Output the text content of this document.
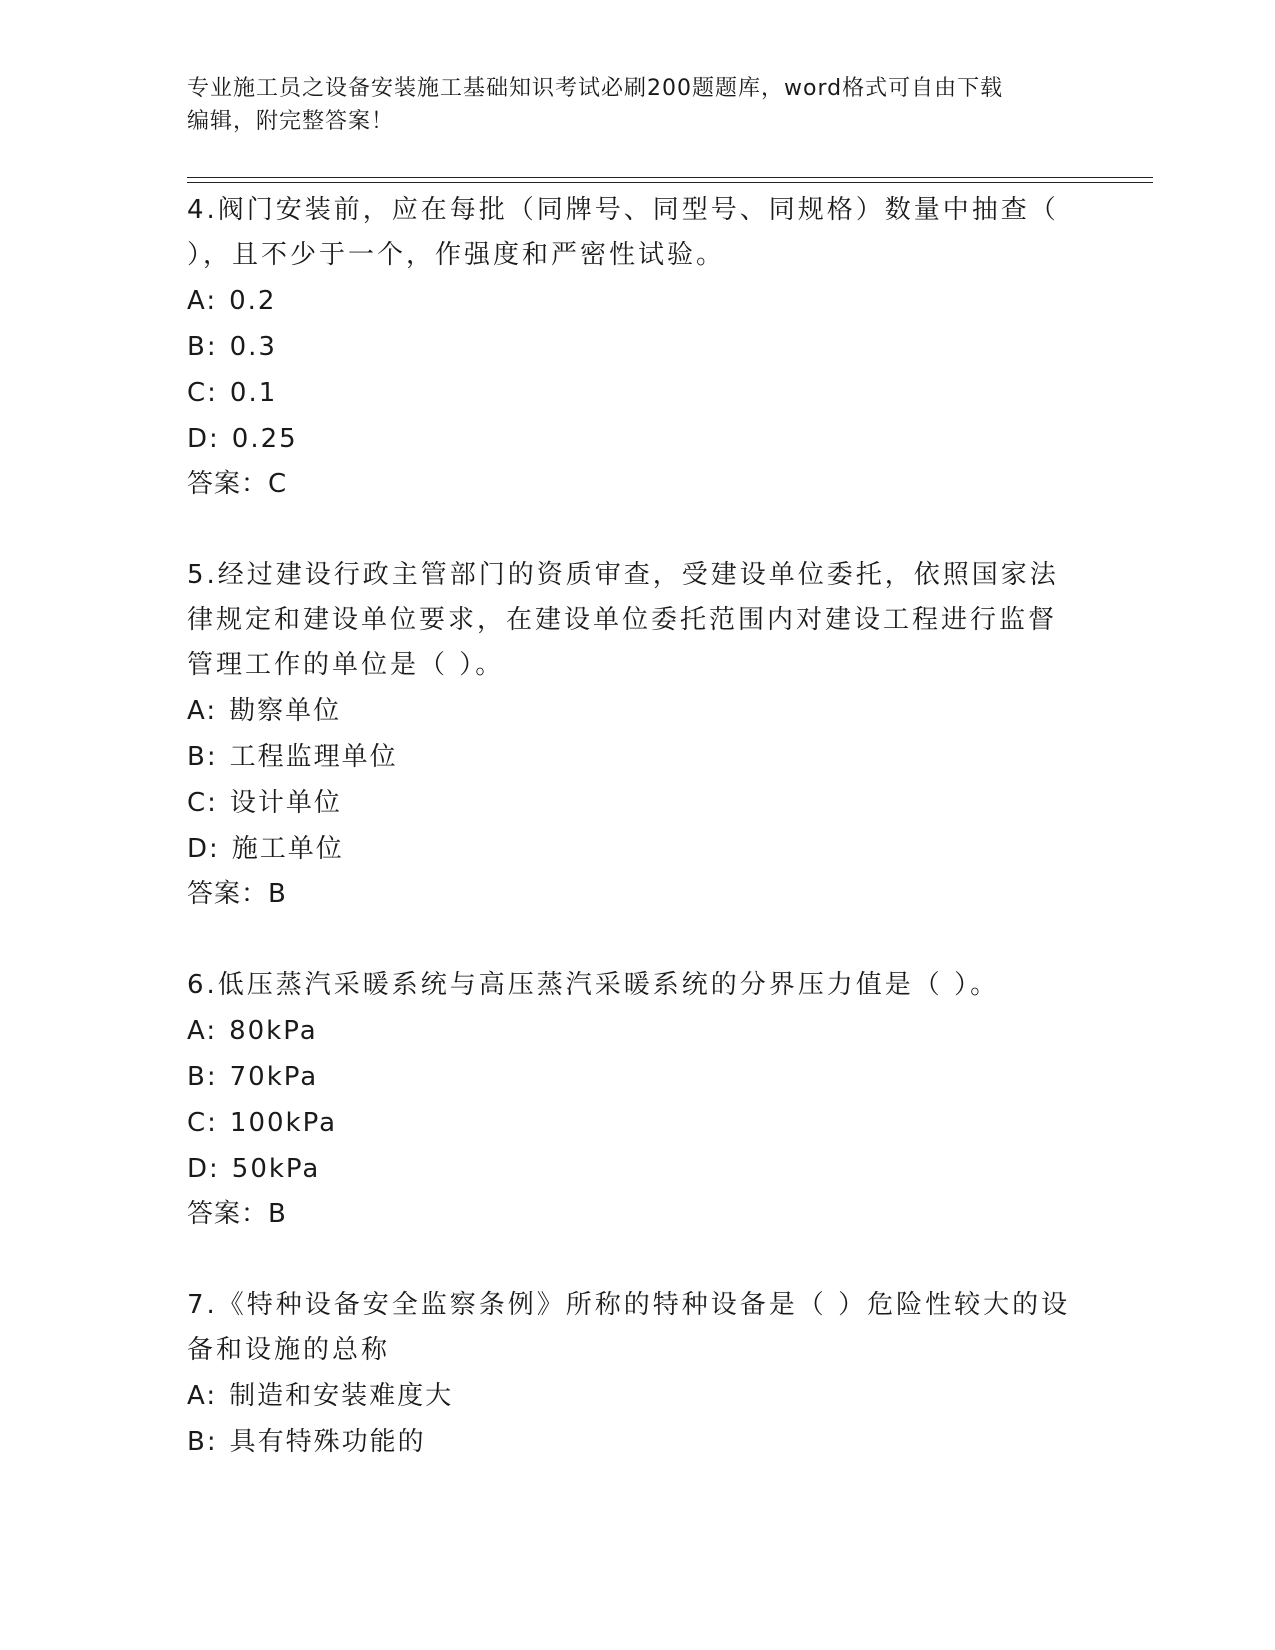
专业施工员之设备安装施工基础知识考试必刷200题题库，word格式可自由下载
编辑，附完整答案！
4.阀门安装前，应在每批（同牌号、同型号、同规格）数量中抽查（
），且不少于一个，作强度和严密性试验。
A: 0.2
B: 0.3
C: 0.1
D: 0.25
答案：C
5.经过建设行政主管部门的资质审查，受建设单位委托，依照国家法
律规定和建设单位要求，在建设单位委托范围内对建设工程进行监督
管理工作的单位是（ ）。
A: 勘察单位
B: 工程监理单位
C: 设计单位
D: 施工单位
答案：B
6.低压蒸汽采暖系统与高压蒸汽采暖系统的分界压力值是（ ）。
A: 80kPa
B: 70kPa
C: 100kPa
D: 50kPa
答案：B
7.《特种设备安全监察条例》所称的特种设备是（ ）危险性较大的设
备和设施的总称
A: 制造和安装难度大
B: 具有特殊功能的
